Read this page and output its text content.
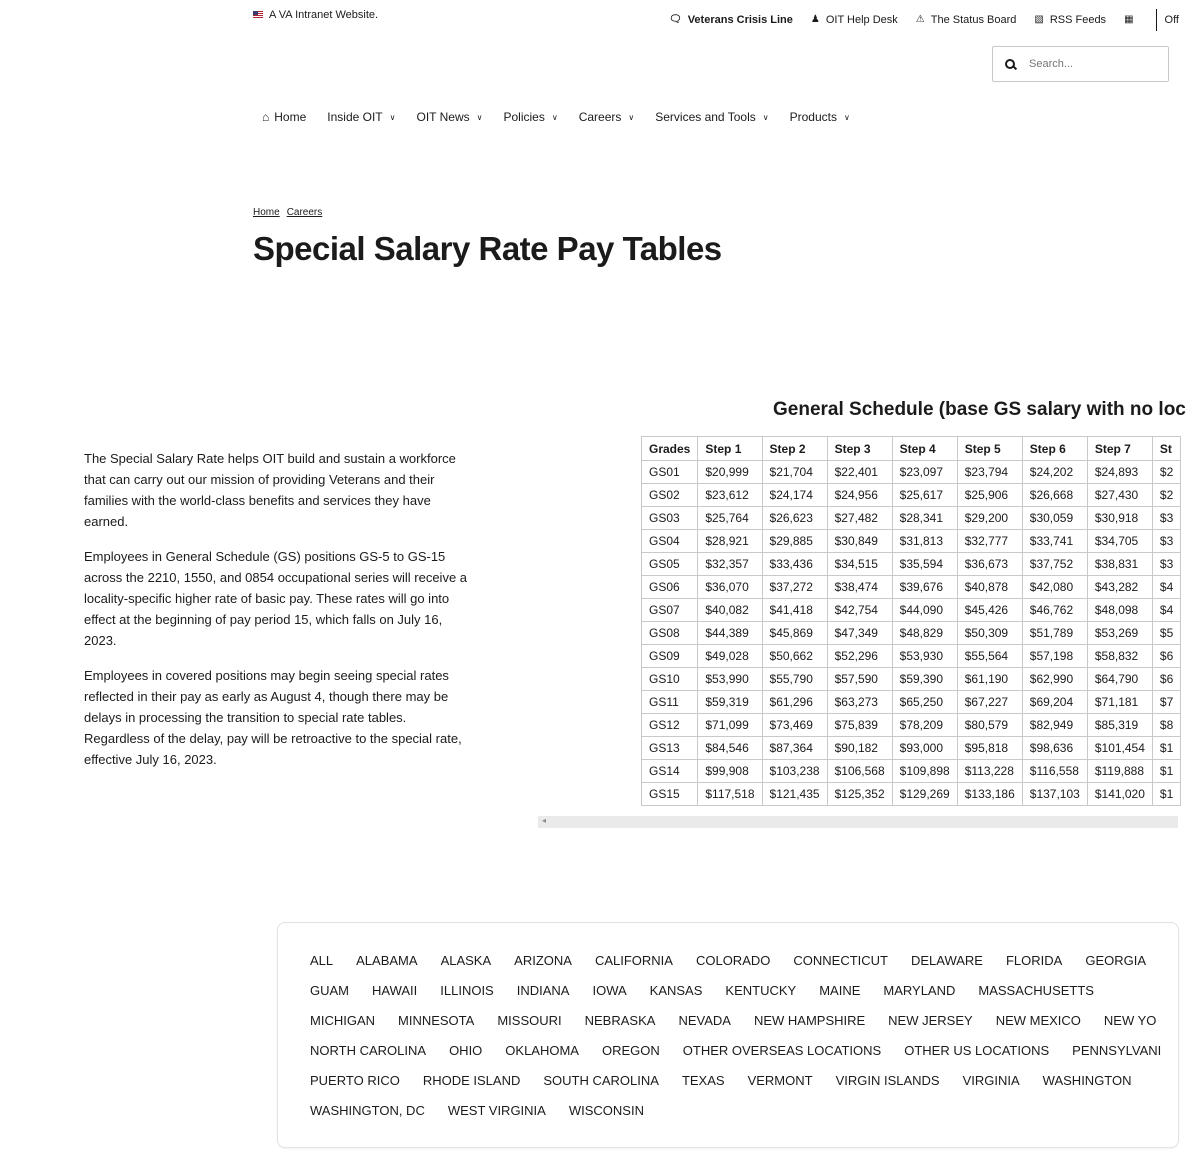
A VA Intranet Website.	🗨︎ Veterans Crisis Line ♟︎ OIT Help Desk ⚠︎ The Status Board ▧ RSS Feeds ▦	Off
Search...
⌂ Home Inside OIT ∨ OIT News ∨ Policies ∨ Careers ∨ Services and Tools ∨ Products ∨
Home Careers
Special Salary Rate Pay Tables

The Special Salary Rate helps OIT build and sustain a workforce that can carry out our mission of providing Veterans and their families with the world-class benefits and services they have earned.

Employees in General Schedule (GS) positions GS-5 to GS-15 across the 2210, 1550, and 0854 occupational series will receive a locality-specific higher rate of basic pay. These rates will go into effect at the beginning of pay period 15, which falls on July 16, 2023.

Employees in covered positions may begin seeing special rates reflected in their pay as early as August 4, though there may be delays in processing the transition to special rate tables. Regardless of the delay, pay will be retroactive to the special rate, effective July 16, 2023.

General Schedule (base GS salary with no loc
Grades	Step 1	Step 2	Step 3	Step 4	Step 5	Step 6	Step 7	St
GS01	$20,999	$21,704	$22,401	$23,097	$23,794	$24,202	$24,893	$2
GS02	$23,612	$24,174	$24,956	$25,617	$25,906	$26,668	$27,430	$2
GS03	$25,764	$26,623	$27,482	$28,341	$29,200	$30,059	$30,918	$3
GS04	$28,921	$29,885	$30,849	$31,813	$32,777	$33,741	$34,705	$3
GS05	$32,357	$33,436	$34,515	$35,594	$36,673	$37,752	$38,831	$3
GS06	$36,070	$37,272	$38,474	$39,676	$40,878	$42,080	$43,282	$4
GS07	$40,082	$41,418	$42,754	$44,090	$45,426	$46,762	$48,098	$4
GS08	$44,389	$45,869	$47,349	$48,829	$50,309	$51,789	$53,269	$5
GS09	$49,028	$50,662	$52,296	$53,930	$55,564	$57,198	$58,832	$6
GS10	$53,990	$55,790	$57,590	$59,390	$61,190	$62,990	$64,790	$6
GS11	$59,319	$61,296	$63,273	$65,250	$67,227	$69,204	$71,181	$7
GS12	$71,099	$73,469	$75,839	$78,209	$80,579	$82,949	$85,319	$8
GS13	$84,546	$87,364	$90,182	$93,000	$95,818	$98,636	$101,454	$1
GS14	$99,908	$103,238	$106,568	$109,898	$113,228	$116,558	$119,888	$1
GS15	$117,518	$121,435	$125,352	$129,269	$133,186	$137,103	$141,020	$1
◂
ALL ALABAMA ALASKA ARIZONA CALIFORNIA COLORADO CONNECTICUT DELAWARE FLORIDA GEORGIA
GUAM HAWAII ILLINOIS INDIANA IOWA KANSAS KENTUCKY MAINE MARYLAND MASSACHUSETTS
MICHIGAN MINNESOTA MISSOURI NEBRASKA NEVADA NEW HAMPSHIRE NEW JERSEY NEW MEXICO NEW YO
NORTH CAROLINA OHIO OKLAHOMA OREGON OTHER OVERSEAS LOCATIONS OTHER US LOCATIONS PENNSYLVANI
PUERTO RICO RHODE ISLAND SOUTH CAROLINA TEXAS VERMONT VIRGIN ISLANDS VIRGINIA WASHINGTON
WASHINGTON, DC WEST VIRGINIA WISCONSIN
